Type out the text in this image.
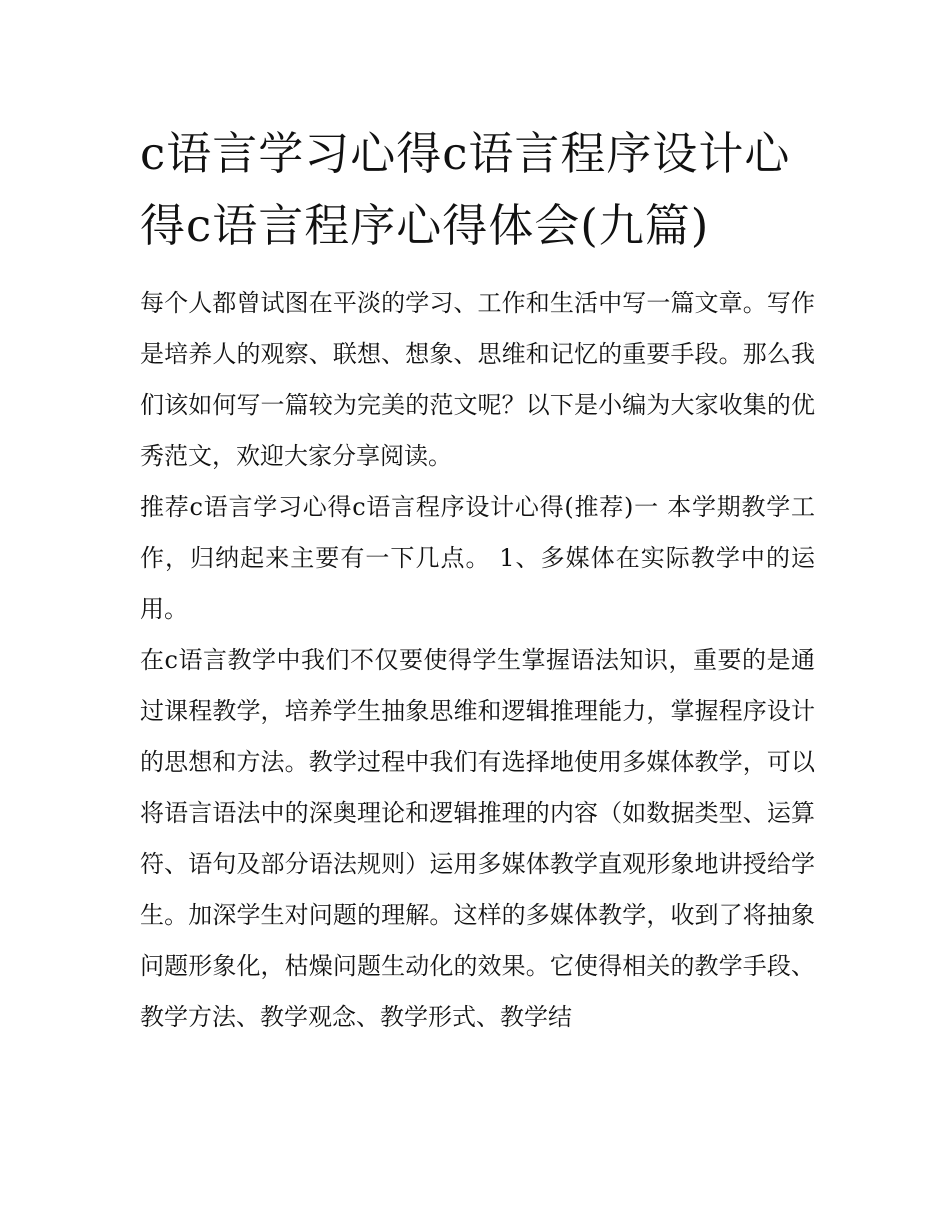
c语言学习心得c语言程序设计心得c语言程序心得体会(九篇)

每个人都曾试图在平淡的学习、工作和生活中写一篇文章。写作是培养人的观察、联想、想象、思维和记忆的重要手段。那么我们该如何写一篇较为完美的范文呢？以下是小编为大家收集的优秀范文，欢迎大家分享阅读。

推荐c语言学习心得c语言程序设计心得(推荐)一 本学期教学工作，归纳起来主要有一下几点。 1、多媒体在实际教学中的运用。

在c语言教学中我们不仅要使得学生掌握语法知识，重要的是通过课程教学，培养学生抽象思维和逻辑推理能力，掌握程序设计的思想和方法。教学过程中我们有选择地使用多媒体教学，可以将语言语法中的深奥理论和逻辑推理的内容（如数据类型、运算符、语句及部分语法规则）运用多媒体教学直观形象地讲授给学生。加深学生对问题的理解。这样的多媒体教学，收到了将抽象问题形象化，枯燥问题生动化的效果。它使得相关的教学手段、教学方法、教学观念、教学形式、教学结
